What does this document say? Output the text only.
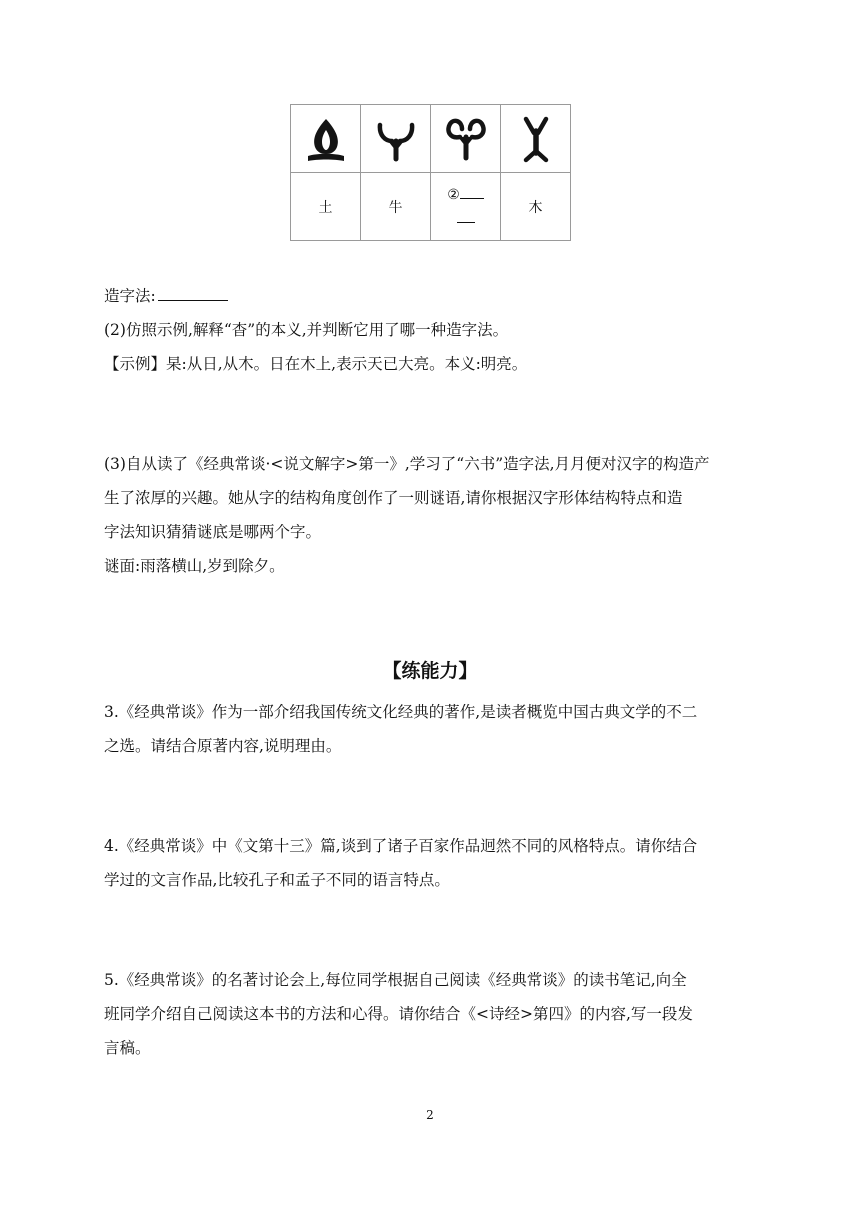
土	牛	②	木
造字法:
(2)仿照示例,解释“杳”的本义,并判断它用了哪一种造字法。
【示例】杲:从日,从木。日在木上,表示天已大亮。本义:明亮。
(3)自从读了《经典常谈·<说文解字>第一》,学习了“六书”造字法,月月便对汉字的构造产
生了浓厚的兴趣。她从字的结构角度创作了一则谜语,请你根据汉字形体结构特点和造
字法知识猜猜谜底是哪两个字。
谜面:雨落横山,岁到除夕。
【练能力】
3.《经典常谈》作为一部介绍我国传统文化经典的著作,是读者概览中国古典文学的不二
之选。请结合原著内容,说明理由。
4.《经典常谈》中《文第十三》篇,谈到了诸子百家作品迥然不同的风格特点。请你结合
学过的文言作品,比较孔子和孟子不同的语言特点。
5.《经典常谈》的名著讨论会上,每位同学根据自己阅读《经典常谈》的读书笔记,向全
班同学介绍自己阅读这本书的方法和心得。请你结合《<诗经>第四》的内容,写一段发
言稿。
2
